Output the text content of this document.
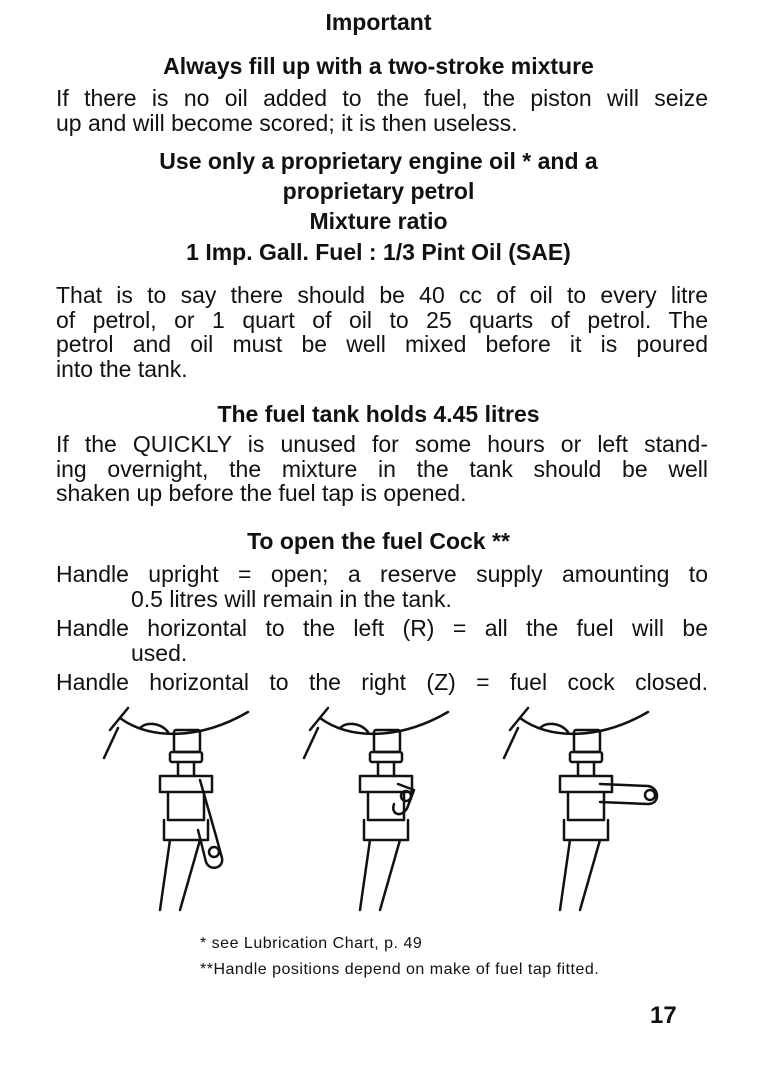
Important
Always fill up with a two-stroke mixture
If there is no oil added to the fuel, the piston will seize
up and will become scored; it is then useless.
Use only a proprietary engine oil * and a
proprietary petrol
Mixture ratio
1 Imp. Gall. Fuel : 1/3 Pint Oil (SAE)
That is to say there should be 40 cc of oil to every litre
of petrol, or 1 quart of oil to 25 quarts of petrol. The
petrol and oil must be well mixed before it is poured
into the tank.
The fuel tank holds 4.45 litres
If the QUICKLY is unused for some hours or left stand-
ing overnight, the mixture in the tank should be well
shaken up before the fuel tap is opened.
To open the fuel Cock **
Handle upright = open; a reserve supply amounting to
0.5 litres will remain in the tank.
Handle horizontal to the left (R) = all the fuel will be
used.
Handle horizontal to the right (Z) = fuel cock closed.
* see Lubrication Chart, p. 49
**Handle positions depend on make of fuel tap fitted.
17
